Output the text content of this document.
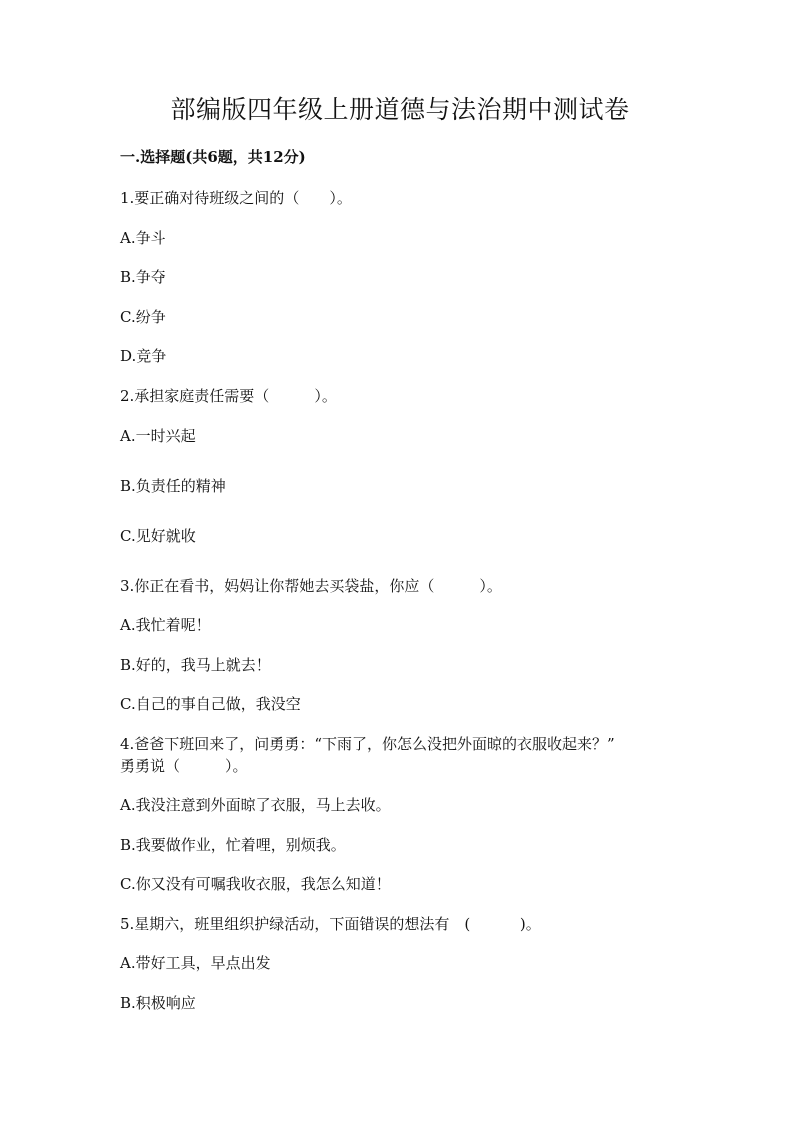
部编版四年级上册道德与法治期中测试卷
一.选择题(共6题，共12分)
1.要正确对待班级之间的（　　）。
A.争斗
B.争夺
C.纷争
D.竞争
2.承担家庭责任需要（　　　）。
A.一时兴起
B.负责任的精神
C.见好就收
3.你正在看书，妈妈让你帮她去买袋盐，你应（　　　）。
A.我忙着呢！
B.好的，我马上就去！
C.自己的事自己做，我没空
4.爸爸下班回来了，问勇勇：“下雨了，你怎么没把外面晾的衣服收起来？”
勇勇说（　　　）。
A.我没注意到外面晾了衣服，马上去收。
B.我要做作业，忙着哩，别烦我。
C.你又没有可嘱我收衣服，我怎么知道！
5.星期六，班里组织护绿活动，下面错误的想法有　(　　　 )。
A.带好工具，早点出发
B.积极响应
